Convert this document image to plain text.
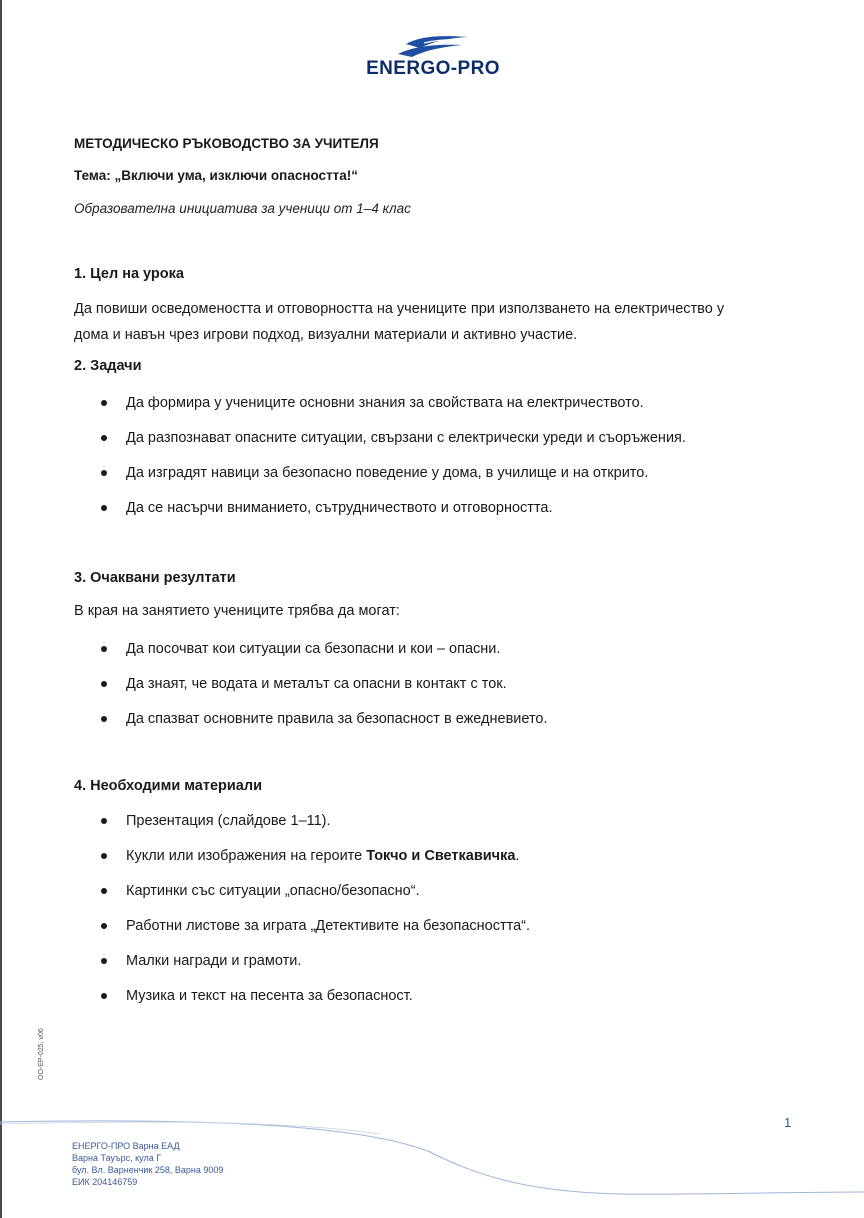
ENERGO-PRO

МЕТОДИЧЕСКО РЪКОВОДСТВО ЗА УЧИТЕЛЯ

Тема: „Включи ума, изключи опасността!“

Образователна инициатива за ученици от 1–4 клас

1. Цел на урока

Да повиши осведомеността и отговорността на учениците при използването на електричество у
дома и навън чрез игрови подход, визуални материали и активно участие.

2. Задачи
Да формира у учениците основни знания за свойствата на електричеството.
Да разпознават опасните ситуации, свързани с електрически уреди и съоръжения.
Да изградят навици за безопасно поведение у дома, в училище и на открито.
Да се насърчи вниманието, сътрудничеството и отговорността.
3. Очаквани резултати

В края на занятието учениците трябва да могат:

Да посочват кои ситуации са безопасни и кои – опасни.
Да знаят, че водата и металът са опасни в контакт с ток.
Да спазват основните правила за безопасност в ежедневието.
4. Необходими материали
Презентация (слайдове 1–11).
Кукли или изображения на героите Токчо и Светкавичка.
Картинки със ситуации „опасно/безопасно“.
Работни листове за играта „Детективите на безопасността“.
Малки награди и грамоти.
Музика и текст на песента за безопасност.
ОО-ЕР-025, v06
1
ЕНЕРГО-ПРО Варна ЕАД
Варна Тауърс, кула Г
бул. Вл. Варненчик 258, Варна 9009
ЕИК 204146759
